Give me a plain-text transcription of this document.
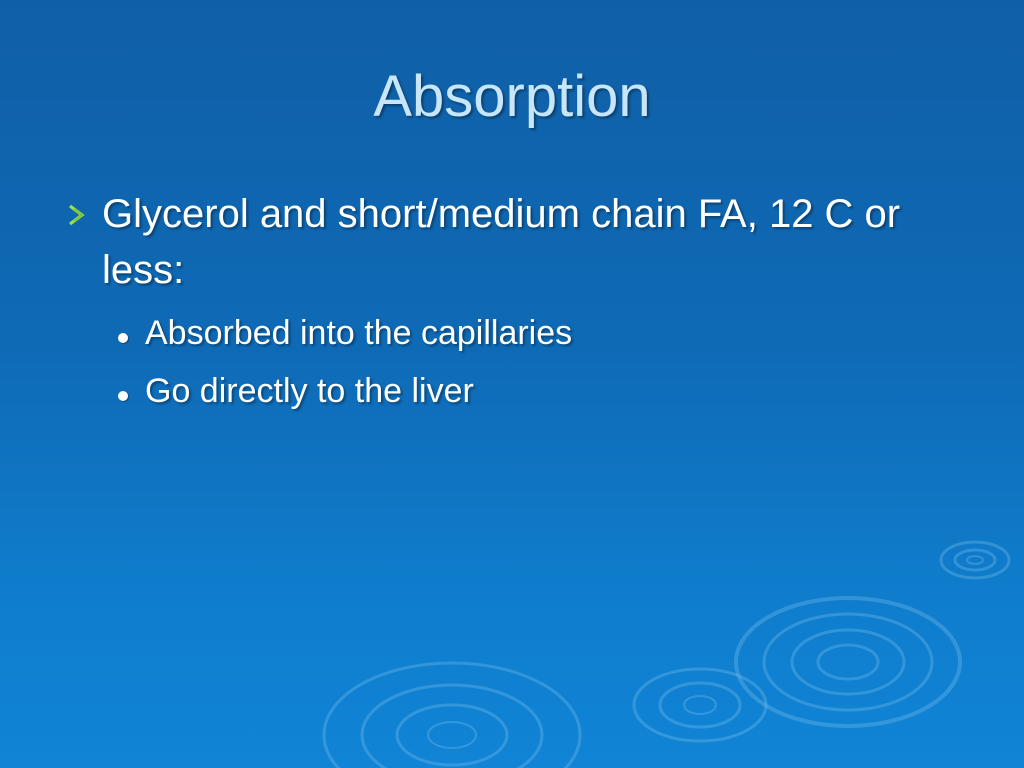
Absorption
Glycerol and short/medium chain FA, 12 C or less:
Absorbed into the capillaries
Go directly to the liver
